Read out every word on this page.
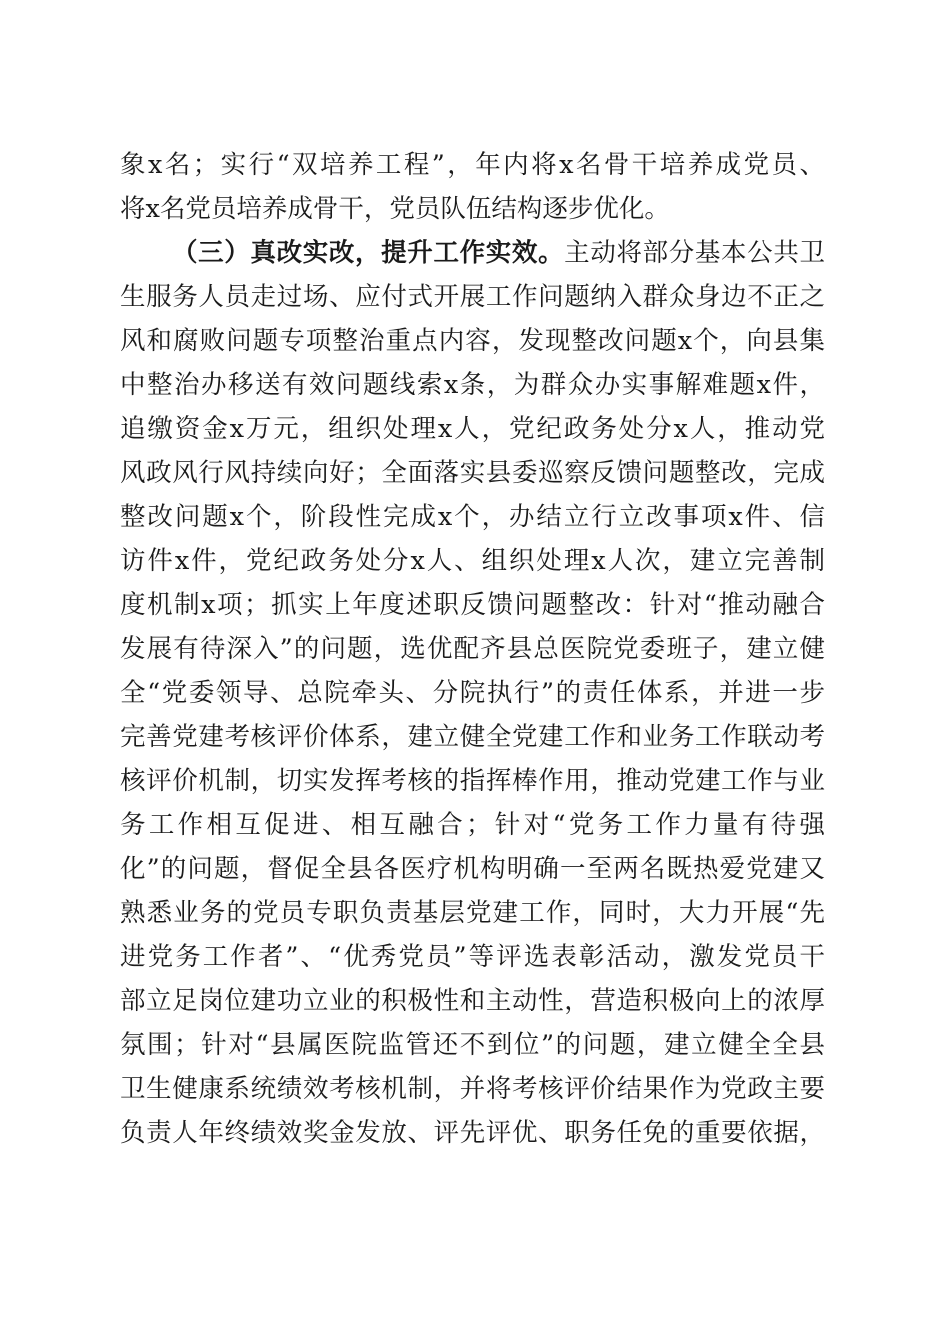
象x名；实行“双培养工程”，年内将x名骨干培养成党员、
将x名党员培养成骨干，党员队伍结构逐步优化。
（三）真改实改，提升工作实效。主动将部分基本公共卫
生服务人员走过场、应付式开展工作问题纳入群众身边不正之
风和腐败问题专项整治重点内容，发现整改问题x个，向县集
中整治办移送有效问题线索x条，为群众办实事解难题x件，
追缴资金x万元，组织处理x人，党纪政务处分x人，推动党
风政风行风持续向好；全面落实县委巡察反馈问题整改，完成
整改问题x个，阶段性完成x个，办结立行立改事项x件、信
访件x件，党纪政务处分x人、组织处理x人次，建立完善制
度机制x项；抓实上年度述职反馈问题整改：针对“推动融合
发展有待深入”的问题，选优配齐县总医院党委班子，建立健
全“党委领导、总院牵头、分院执行”的责任体系，并进一步
完善党建考核评价体系，建立健全党建工作和业务工作联动考
核评价机制，切实发挥考核的指挥棒作用，推动党建工作与业
务工作相互促进、相互融合；针对“党务工作力量有待强
化”的问题，督促全县各医疗机构明确一至两名既热爱党建又
熟悉业务的党员专职负责基层党建工作，同时，大力开展“先
进党务工作者”、“优秀党员”等评选表彰活动，激发党员干
部立足岗位建功立业的积极性和主动性，营造积极向上的浓厚
氛围；针对“县属医院监管还不到位”的问题，建立健全全县
卫生健康系统绩效考核机制，并将考核评价结果作为党政主要
负责人年终绩效奖金发放、评先评优、职务任免的重要依据，
